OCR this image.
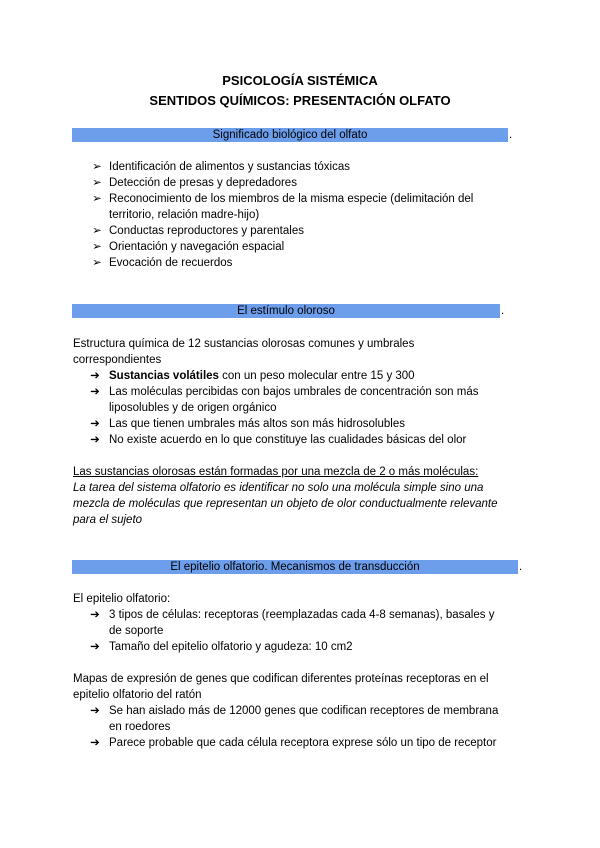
PSICOLOGÍA SISTÉMICA
SENTIDOS QUÍMICOS: PRESENTACIÓN OLFATO
Significado biológico del olfato	.
➢ Identificación de alimentos y sustancias tóxicas
➢ Detección de presas y depredadores
➢ Reconocimiento de los miembros de la misma especie (delimitación del
territorio, relación madre-hijo)
➢ Conductas reproductores y parentales
➢ Orientación y navegación espacial
➢ Evocación de recuerdos
El estímulo oloroso	.
Estructura química de 12 sustancias olorosas comunes y umbrales
correspondientes
➔ Sustancias volátiles con un peso molecular entre 15 y 300
➔ Las moléculas percibidas con bajos umbrales de concentración son más
liposolubles y de origen orgánico
➔ Las que tienen umbrales más altos son más hidrosolubles
➔ No existe acuerdo en lo que constituye las cualidades básicas del olor
Las sustancias olorosas están formadas por una mezcla de 2 o más moléculas:
La tarea del sistema olfatorio es identificar no solo una molécula simple sino una
mezcla de moléculas que representan un objeto de olor conductualmente relevante
para el sujeto
El epitelio olfatorio. Mecanismos de transducción	.
El epitelio olfatorio:
➔ 3 tipos de células: receptoras (reemplazadas cada 4-8 semanas), basales y
de soporte
➔ Tamaño del epitelio olfatorio y agudeza: 10 cm2
Mapas de expresión de genes que codifican diferentes proteínas receptoras en el
epitelio olfatorio del ratón
➔ Se han aislado más de 12000 genes que codifican receptores de membrana
en roedores
➔ Parece probable que cada célula receptora exprese sólo un tipo de receptor
